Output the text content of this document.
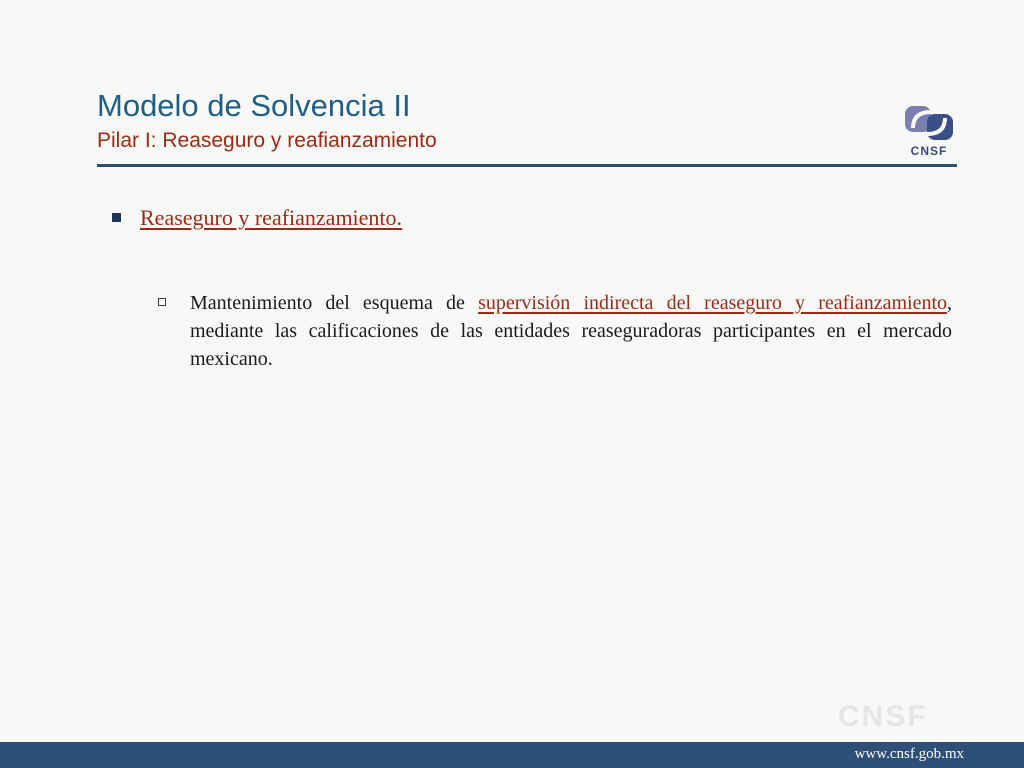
Modelo de Solvencia II
Pilar I: Reaseguro y reafianzamiento	CNSF
Reaseguro y reafianzamiento.

Mantenimiento del esquema de supervisión indirecta del reaseguro y reafianzamiento, mediante las calificaciones de las entidades reaseguradoras participantes en el mercado mexicano.

CNSF
www.cnsf.gob.mx
